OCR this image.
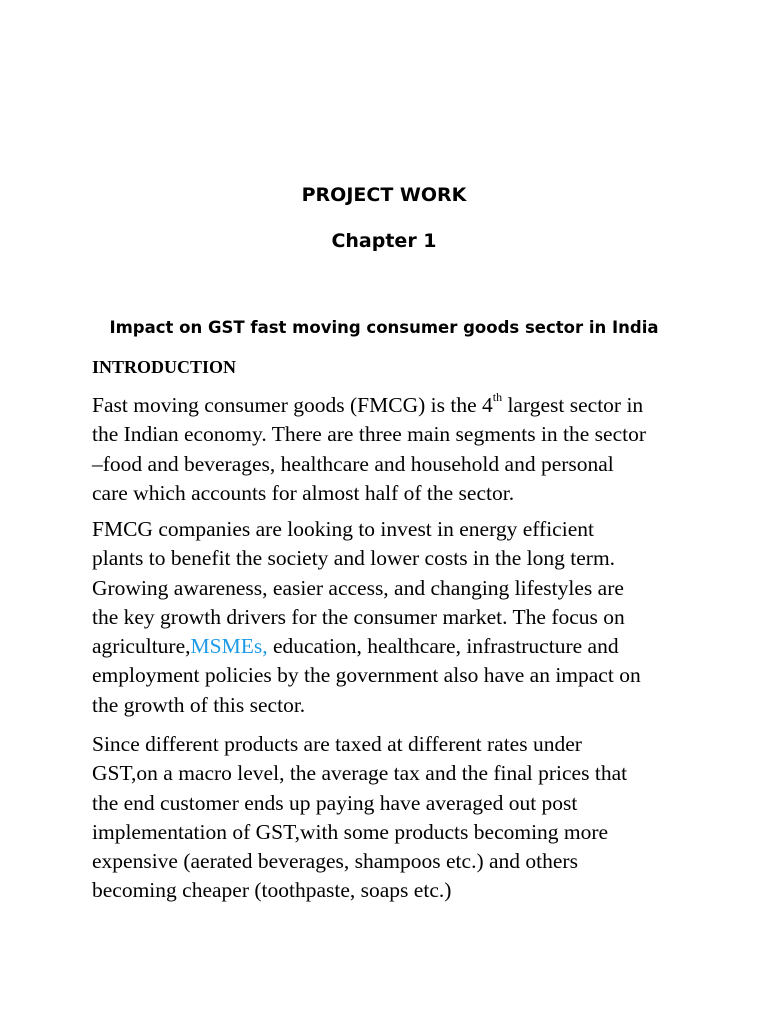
PROJECT WORK
Chapter 1
Impact on GST fast moving consumer goods sector in India
INTRODUCTION
Fast moving consumer goods (FMCG) is the 4th largest sector in
the Indian economy. There are three main segments in the sector
–food and beverages, healthcare and household and personal
care which accounts for almost half of the sector.
FMCG companies are looking to invest in energy efficient
plants to benefit the society and lower costs in the long term.
Growing awareness, easier access, and changing lifestyles are
the key growth drivers for the consumer market. The focus on
agriculture,MSMEs, education, healthcare, infrastructure and
employment policies by the government also have an impact on
the growth of this sector.
Since different products are taxed at different rates under
GST,on a macro level, the average tax and the final prices that
the end customer ends up paying have averaged out post
implementation of GST,with some products becoming more
expensive (aerated beverages, shampoos etc.) and others
becoming cheaper (toothpaste, soaps etc.)
